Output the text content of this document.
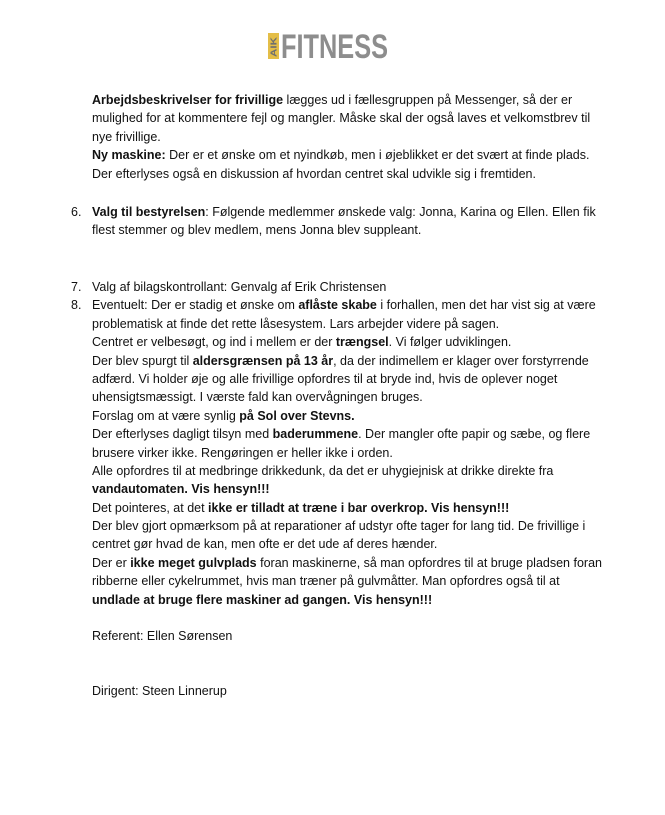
AIK FITNESS
Arbejdsbeskrivelser for frivillige lægges ud i fællesgruppen på Messenger, så der er
mulighed for at kommentere fejl og mangler. Måske skal der også laves et velkomstbrev til
nye frivillige.
Ny maskine: Der er et ønske om et nyindkøb, men i øjeblikket er det svært at finde plads.
Der efterlyses også en diskussion af hvordan centret skal udvikle sig i fremtiden.
6. Valg til bestyrelsen: Følgende medlemmer ønskede valg: Jonna, Karina og Ellen. Ellen fik
flest stemmer og blev medlem, mens Jonna blev suppleant.
7. Valg af bilagskontrollant: Genvalg af Erik Christensen
8. Eventuelt: Der er stadig et ønske om aflåste skabe i forhallen, men det har vist sig at være
problematisk at finde det rette låsesystem. Lars arbejder videre på sagen.
Centret er velbesøgt, og ind i mellem er der trængsel. Vi følger udviklingen.
Der blev spurgt til aldersgrænsen på 13 år, da der indimellem er klager over forstyrrende
adfærd. Vi holder øje og alle frivillige opfordres til at bryde ind, hvis de oplever noget
uhensigtsmæssigt. I værste fald kan overvågningen bruges.
Forslag om at være synlig på Sol over Stevns.
Der efterlyses dagligt tilsyn med baderummene. Der mangler ofte papir og sæbe, og flere
brusere virker ikke. Rengøringen er heller ikke i orden.
Alle opfordres til at medbringe drikkedunk, da det er uhygiejnisk at drikke direkte fra
vandautomaten. Vis hensyn!!!
Det pointeres, at det ikke er tilladt at træne i bar overkrop. Vis hensyn!!!
Der blev gjort opmærksom på at reparationer af udstyr ofte tager for lang tid. De frivillige i
centret gør hvad de kan, men ofte er det ude af deres hænder.
Der er ikke meget gulvplads foran maskinerne, så man opfordres til at bruge pladsen foran
ribberne eller cykelrummet, hvis man træner på gulvmåtter. Man opfordres også til at
undlade at bruge flere maskiner ad gangen. Vis hensyn!!!
Referent: Ellen Sørensen
Dirigent: Steen Linnerup
